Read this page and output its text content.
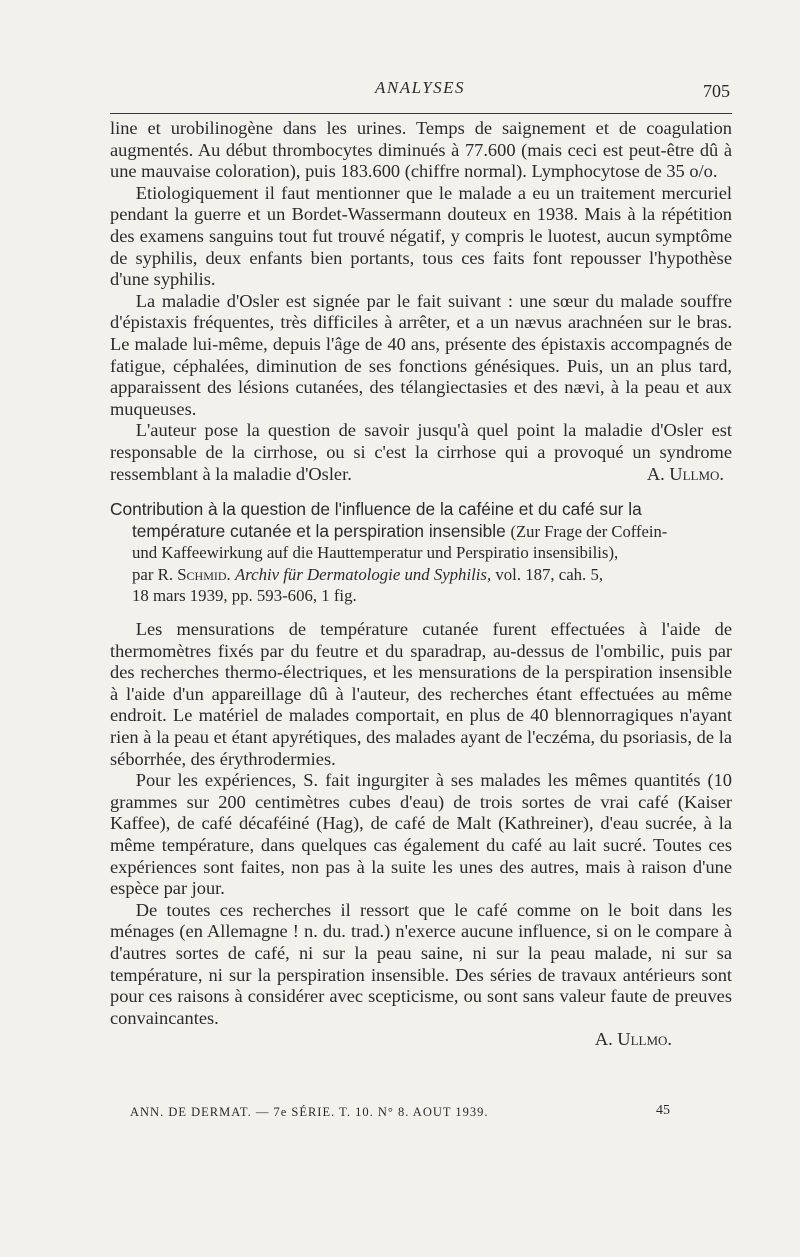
ANALYSES	705

line et urobilinogène dans les urines. Temps de saignement et de coagulation augmentés. Au début thrombocytes diminués à 77.600 (mais ceci est peut-être dû à une mauvaise coloration), puis 183.600 (chiffre normal). Lymphocytose de 35 o/o.

Etiologiquement il faut mentionner que le malade a eu un traitement mercuriel pendant la guerre et un Bordet-Wassermann douteux en 1938. Mais à la répétition des examens sanguins tout fut trouvé négatif, y compris le luotest, aucun symptôme de syphilis, deux enfants bien portants, tous ces faits font repousser l'hypothèse d'une syphilis.

La maladie d'Osler est signée par le fait suivant : une sœur du malade souffre d'épistaxis fréquentes, très difficiles à arrêter, et a un nævus arachnéen sur le bras. Le malade lui-même, depuis l'âge de 40 ans, présente des épistaxis accompagnés de fatigue, céphalées, diminution de ses fonctions génésiques. Puis, un an plus tard, apparaissent des lésions cutanées, des télangiectasies et des nævi, à la peau et aux muqueuses.

L'auteur pose la question de savoir jusqu'à quel point la maladie d'Osler est responsable de la cirrhose, ou si c'est la cirrhose qui a provoqué un syndrome ressemblant à la maladie d'Osler.	A. Ullmo.

Contribution à la question de l'influence de la caféine et du café sur la
température cutanée et la perspiration insensible (Zur Frage der Coffein-
und Kaffeewirkung auf die Hauttemperatur und Perspiratio insensibilis),
par R. Schmid. Archiv für Dermatologie und Syphilis, vol. 187, cah. 5,
18 mars 1939, pp. 593-606, 1 fig.

Les mensurations de température cutanée furent effectuées à l'aide de thermomètres fixés par du feutre et du sparadrap, au-dessus de l'ombilic, puis par des recherches thermo-électriques, et les mensurations de la perspiration insensible à l'aide d'un appareillage dû à l'auteur, des recherches étant effectuées au même endroit. Le matériel de malades comportait, en plus de 40 blennorragiques n'ayant rien à la peau et étant apyrétiques, des malades ayant de l'eczéma, du psoriasis, de la séborrhée, des érythrodermies.

Pour les expériences, S. fait ingurgiter à ses malades les mêmes quantités (10 grammes sur 200 centimètres cubes d'eau) de trois sortes de vrai café (Kaiser Kaffee), de café décaféiné (Hag), de café de Malt (Kathreiner), d'eau sucrée, à la même température, dans quelques cas également du café au lait sucré. Toutes ces expériences sont faites, non pas à la suite les unes des autres, mais à raison d'une espèce par jour.

De toutes ces recherches il ressort que le café comme on le boit dans les ménages (en Allemagne ! n. du. trad.) n'exerce aucune influence, si on le compare à d'autres sortes de café, ni sur la peau saine, ni sur la peau malade, ni sur sa température, ni sur la perspiration insensible. Des séries de travaux antérieurs sont pour ces raisons à considérer avec scepticisme, ou sont sans valeur faute de preuves convaincantes.

A. Ullmo.

ANN. DE DERMAT. — 7e SÉRIE. T. 10. N° 8. AOUT 1939.	45
